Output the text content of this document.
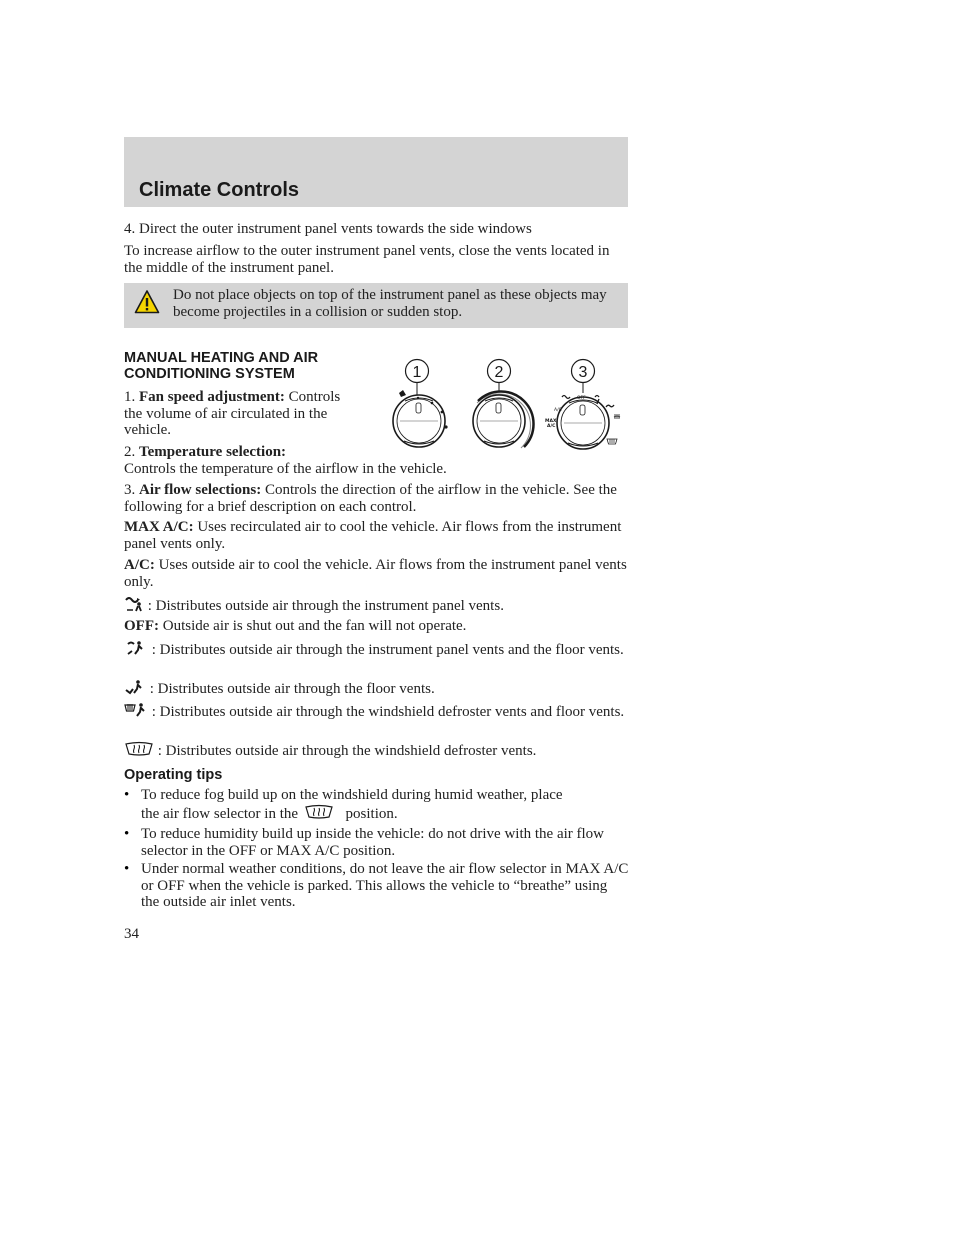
Climate Controls
4. Direct the outer instrument panel vents towards the side windows
To increase airflow to the outer instrument panel vents, close the vents located in the middle of the instrument panel.
Do not place objects on top of the instrument panel as these objects may become projectiles in a collision or sudden stop.
MANUAL HEATING AND AIR
CONDITIONING SYSTEM	1	2	3
A/C
OFF
MAX
A/C
1. Fan speed adjustment: Controls
the volume of air circulated in the
vehicle.
2. Temperature selection:
Controls the temperature of the airflow in the vehicle.
3. Air flow selections: Controls the direction of the airflow in the vehicle. See the following for a brief description on each control.
MAX A/C: Uses recirculated air to cool the vehicle. Air flows from the instrument panel vents only.
A/C: Uses outside air to cool the vehicle. Air flows from the instrument panel vents only.
: Distributes outside air through the instrument panel vents.
OFF: Outside air is shut out and the fan will not operate.
: Distributes outside air through the instrument panel vents and the floor vents.
: Distributes outside air through the floor vents.
: Distributes outside air through the windshield defroster vents and floor vents.
: Distributes outside air through the windshield defroster vents.
Operating tips
• To reduce fog build up on the windshield during humid weather, place
the air flow selector in the	position.
• To reduce humidity build up inside the vehicle: do not drive with the air flow selector in the OFF or MAX A/C position.
• Under normal weather conditions, do not leave the air flow selector in MAX A/C or OFF when the vehicle is parked. This allows the vehicle to “breathe” using the outside air inlet vents.
34
